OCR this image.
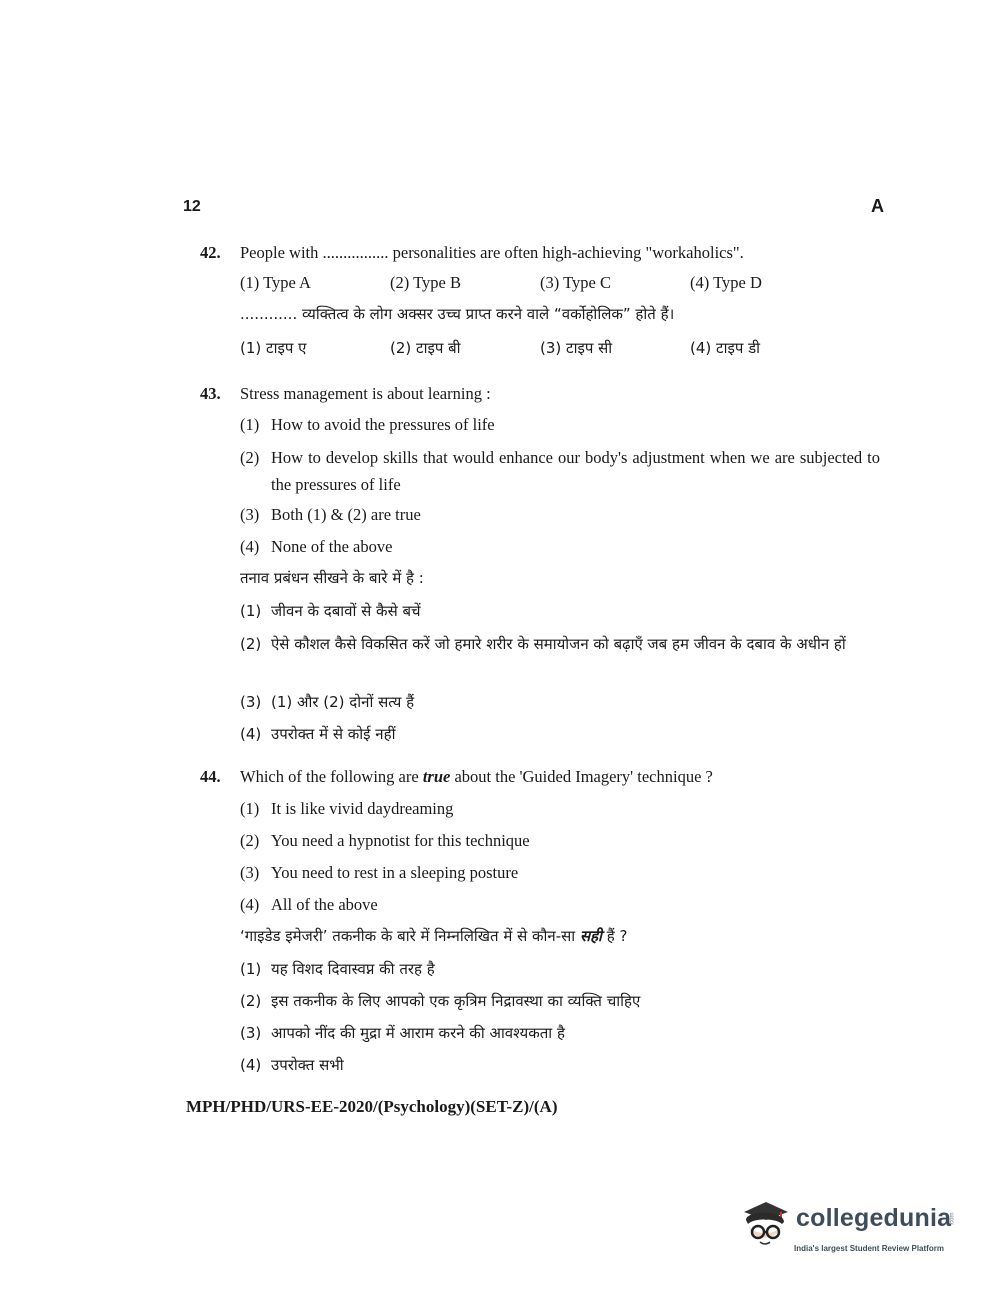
12	A
42. People with ................ personalities are often high-achieving "workaholics".
(1) Type A	(2) Type B	(3) Type C	(4) Type D
............ व्यक्तित्व के लोग अक्सर उच्च प्राप्त करने वाले “वर्कोहोलिक” होते हैं।
(1) टाइप ए	(2) टाइप बी	(3) टाइप सी	(4) टाइप डी
43. Stress management is about learning :
(1) How to avoid the pressures of life
(2) How to develop skills that would enhance our body's adjustment when we are subjected to the pressures of life
(3) Both (1) & (2) are true
(4) None of the above
तनाव प्रबंधन सीखने के बारे में है :
(1) जीवन के दबावों से कैसे बचें
(2) ऐसे कौशल कैसे विकसित करें जो हमारे शरीर के समायोजन को बढ़ाएँ जब हम जीवन के दबाव के अधीन हों
(3) (1) और (2) दोनों सत्य हैं
(4) उपरोक्त में से कोई नहीं
44. Which of the following are true about the 'Guided Imagery' technique ?
(1) It is like vivid daydreaming
(2) You need a hypnotist for this technique
(3) You need to rest in a sleeping posture
(4) All of the above
‘गाइडेड इमेजरी’ तकनीक के बारे में निम्नलिखित में से कौन-सा सही हैं ?
(1) यह विशद दिवास्वप्न की तरह है
(2) इस तकनीक के लिए आपको एक कृत्रिम निद्रावस्था का व्यक्ति चाहिए
(3) आपको नींद की मुद्रा में आराम करने की आवश्यकता है
(4) उपरोक्त सभी
MPH/PHD/URS-EE-2020/(Psychology)(SET-Z)/(A)
collegedunia
.com
India's largest Student Review Platform
